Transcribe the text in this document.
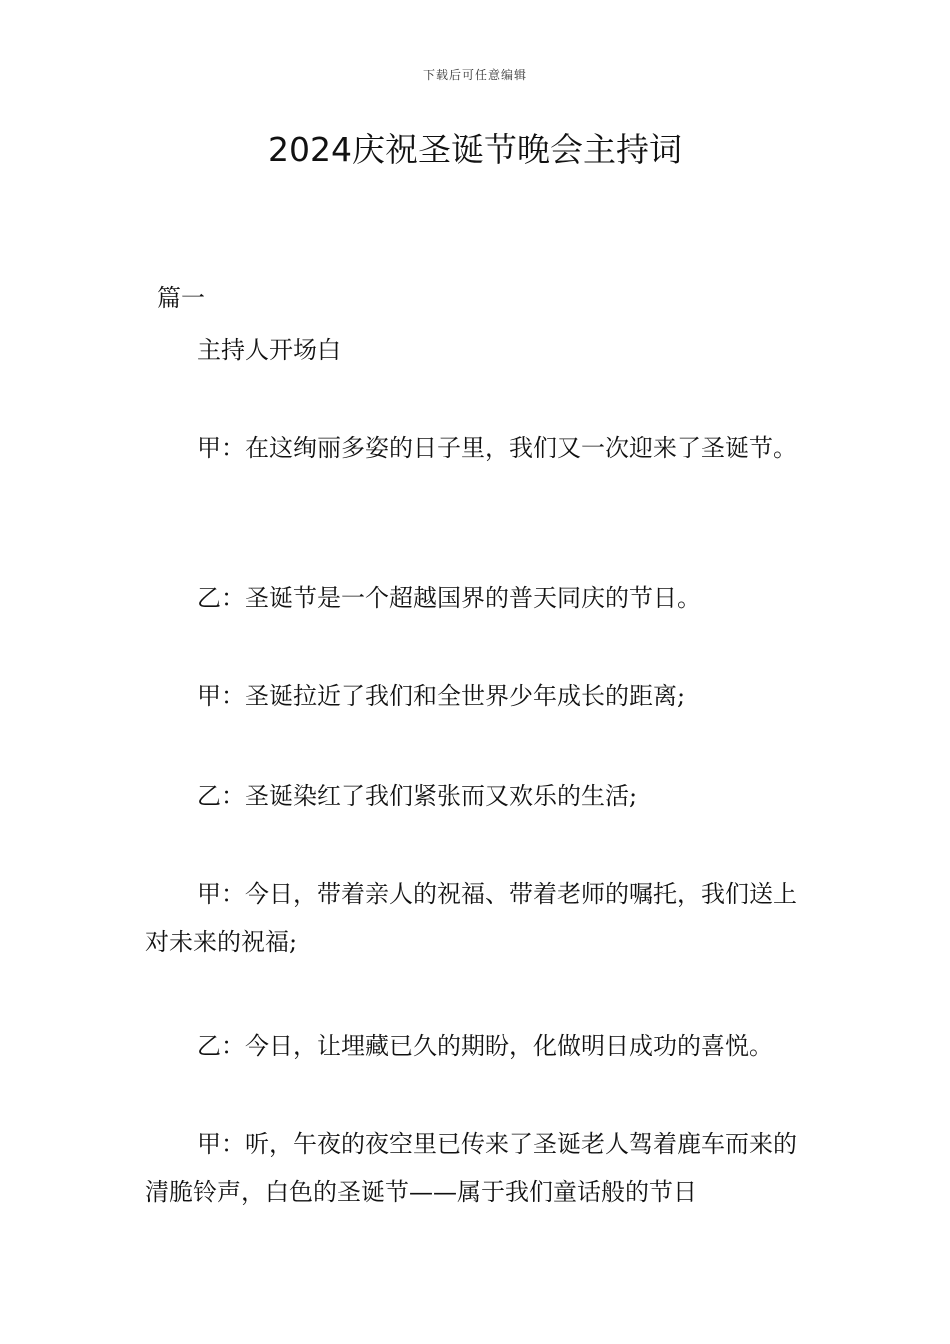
下载后可任意编辑
2024庆祝圣诞节晚会主持词
篇一

主持人开场白

甲：在这绚丽多姿的日子里，我们又一次迎来了圣诞节。

乙：圣诞节是一个超越国界的普天同庆的节日。

甲：圣诞拉近了我们和全世界少年成长的距离;

乙：圣诞染红了我们紧张而又欢乐的生活;

甲：今日，带着亲人的祝福、带着老师的嘱托，我们送上对未来的祝福;

乙：今日，让埋藏已久的期盼，化做明日成功的喜悦。

甲：听，午夜的夜空里已传来了圣诞老人驾着鹿车而来的清脆铃声，白色的圣诞节——属于我们童话般的节日
